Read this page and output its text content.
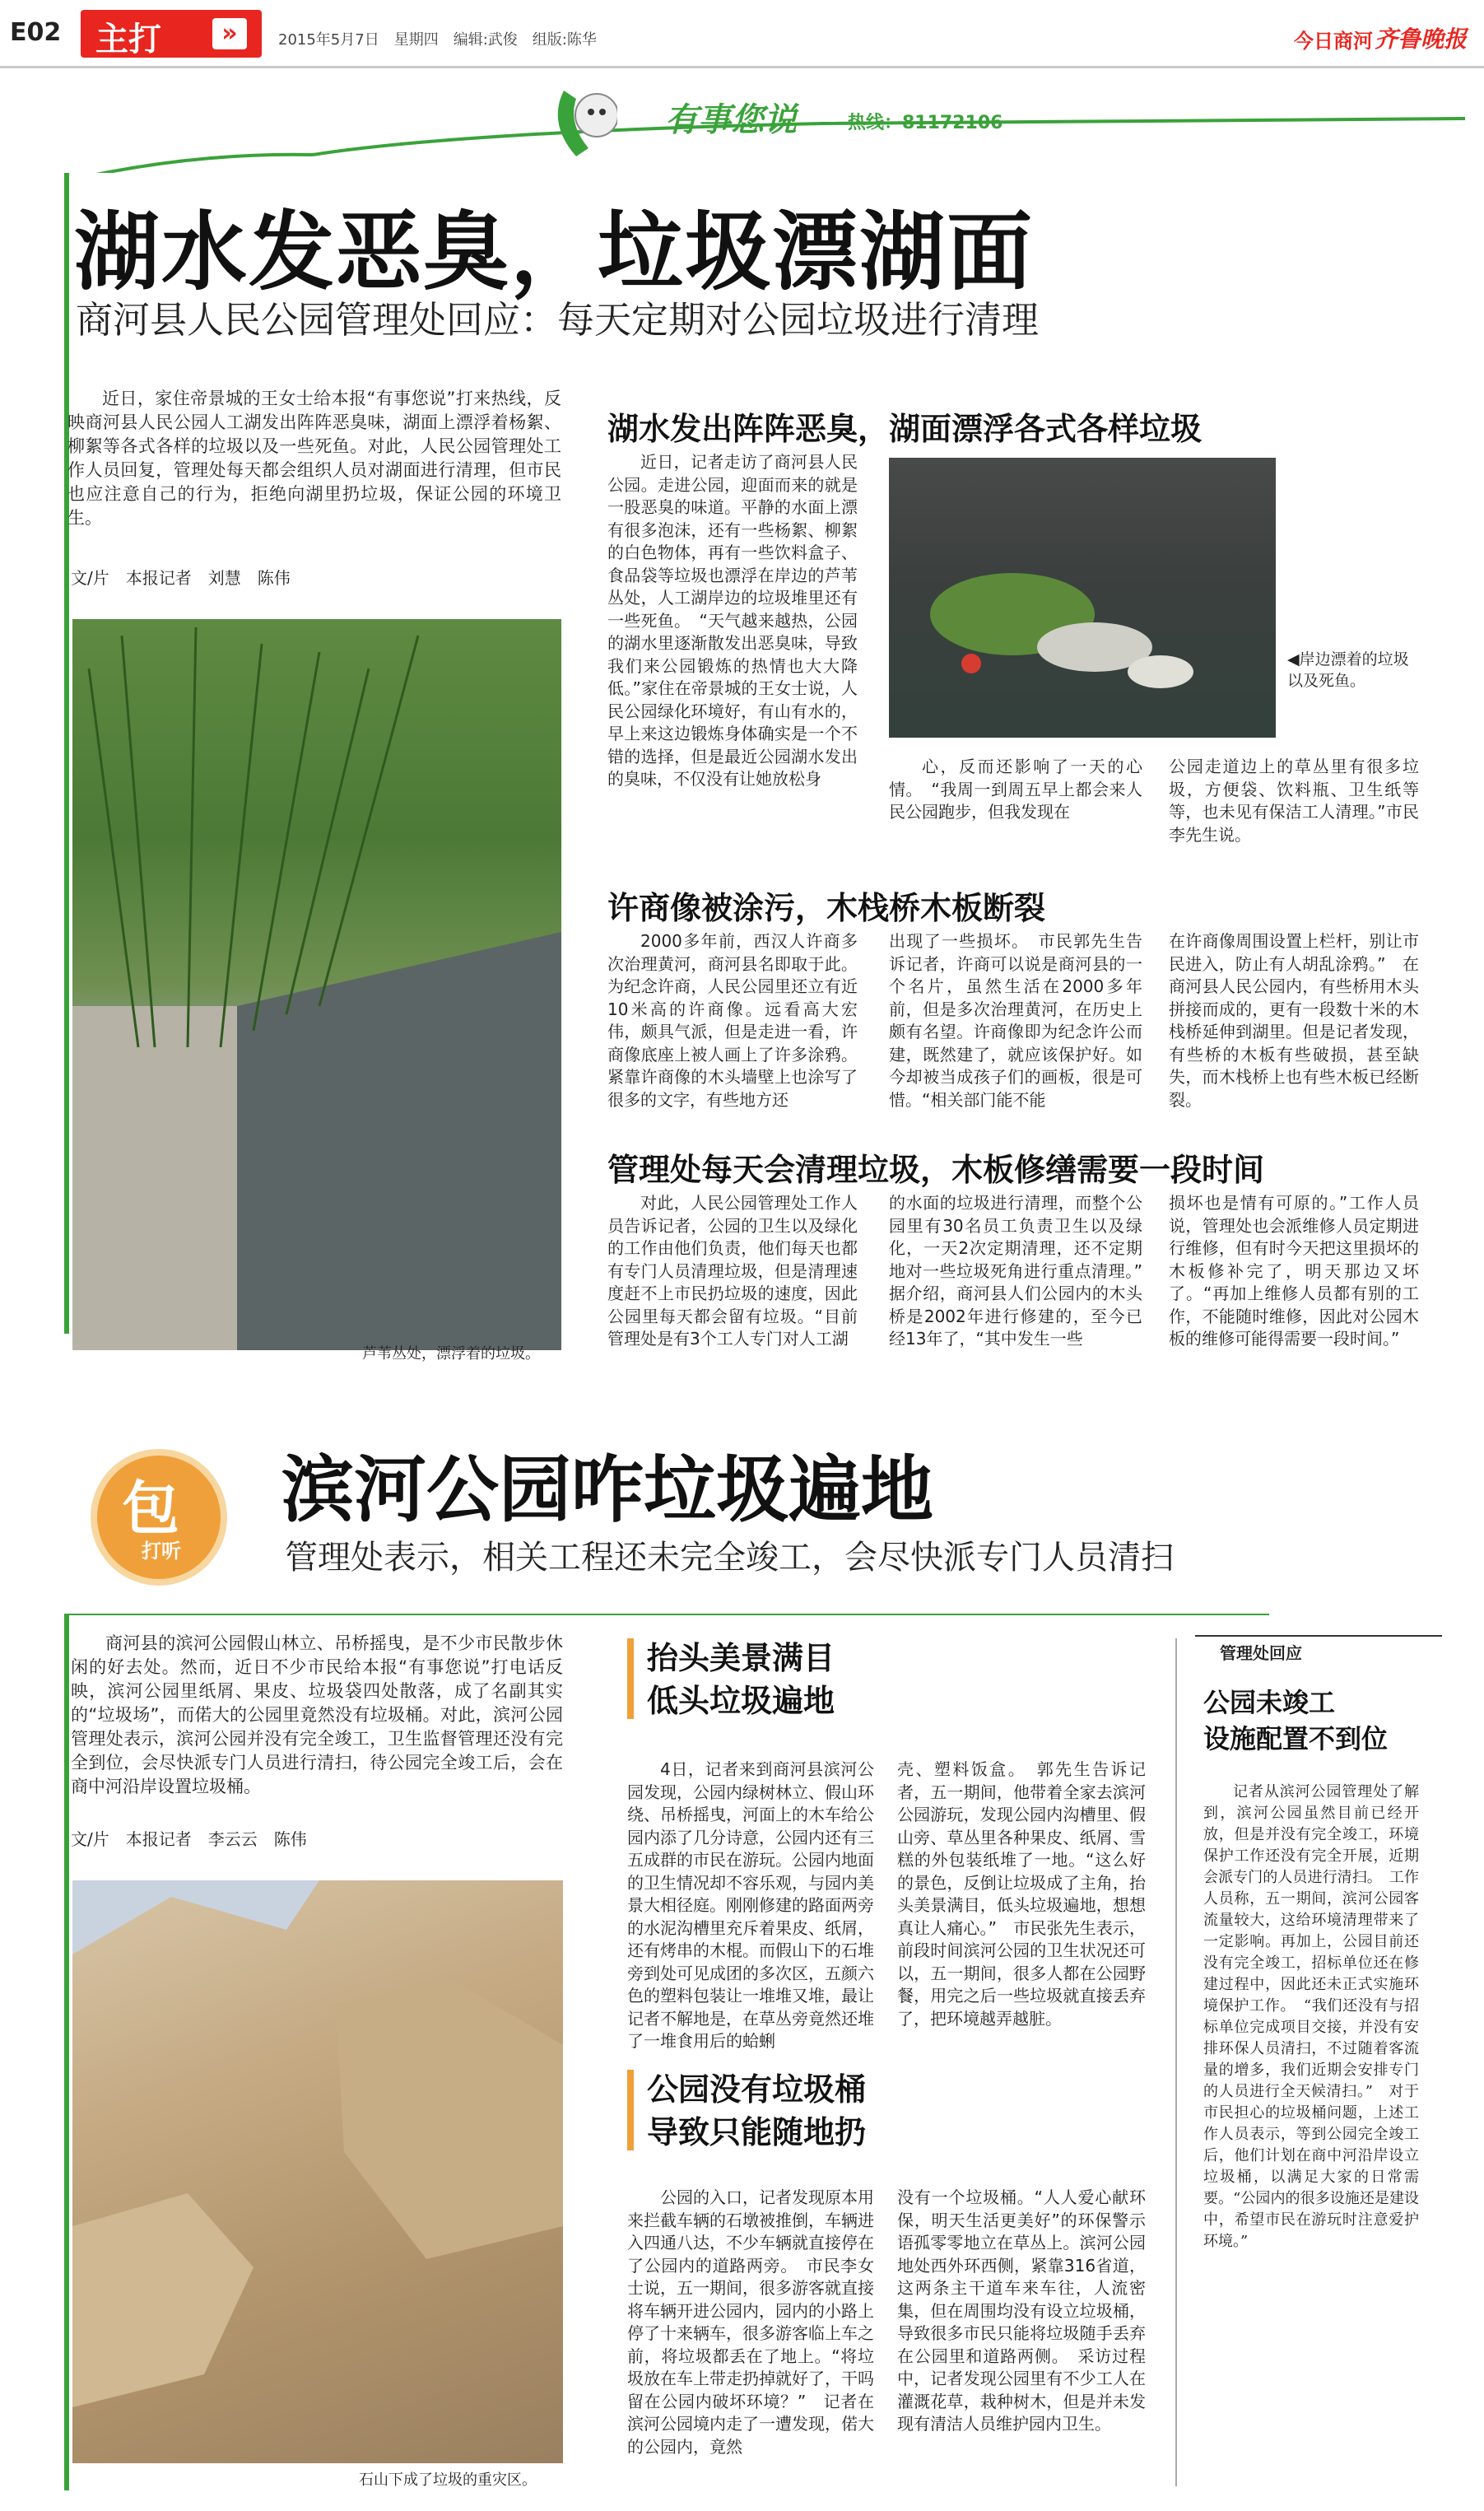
E02 主打	»	2015年5月7日　星期四　编辑:武俊　组版:陈华	今日商河 齐鲁晚报
有事您说	热线：81172106
湖水发恶臭，垃圾漂湖面
商河县人民公园管理处回应：每天定期对公园垃圾进行清理

近日，家住帝景城的王女士给本报“有事您说”打来热线，反映商河县人民公园人工湖发出阵阵恶臭味，湖面上漂浮着杨絮、柳絮等各式各样的垃圾以及一些死鱼。对此，人民公园管理处工作人员回复，管理处每天都会组织人员对湖面进行清理，但市民也应注意自己的行为，拒绝向湖里扔垃圾，保证公园的环境卫生。

文/片　本报记者　刘慧　陈伟
芦苇丛处，漂浮着的垃圾。
湖水发出阵阵恶臭，湖面漂浮各式各样垃圾

近日，记者走访了商河县人民公园。走进公园，迎面而来的就是一股恶臭的味道。平静的水面上漂有很多泡沫，还有一些杨絮、柳絮的白色物体，再有一些饮料盒子、食品袋等垃圾也漂浮在岸边的芦苇丛处，人工湖岸边的垃圾堆里还有一些死鱼。　“天气越来越热，公园的湖水里逐渐散发出恶臭味，导致我们来公园锻炼的热情也大大降低。”家住在帝景城的王女士说，人民公园绿化环境好，有山有水的，早上来这边锻炼身体确实是一个不错的选择，但是最近公园湖水发出的臭味，不仅没有让她放松身

◀岸边漂着的垃圾以及死鱼。

心，反而还影响了一天的心情。　“我周一到周五早上都会来人民公园跑步，但我发现在

公园走道边上的草丛里有很多垃圾，方便袋、饮料瓶、卫生纸等等，也未见有保洁工人清理。”市民李先生说。

许商像被涂污，木栈桥木板断裂

2000多年前，西汉人许商多次治理黄河，商河县名即取于此。为纪念许商，人民公园里还立有近10米高的许商像。远看高大宏伟，颇具气派，但是走进一看，许商像底座上被人画上了许多涂鸦。紧靠许商像的木头墙壁上也涂写了很多的文字，有些地方还

出现了一些损坏。　市民郭先生告诉记者，许商可以说是商河县的一个名片，虽然生活在2000多年前，但是多次治理黄河，在历史上颇有名望。许商像即为纪念许公而建，既然建了，就应该保护好。如今却被当成孩子们的画板，很是可惜。“相关部门能不能

在许商像周围设置上栏杆，别让市民进入，防止有人胡乱涂鸦。”　在商河县人民公园内，有些桥用木头拼接而成的，更有一段数十米的木栈桥延伸到湖里。但是记者发现，有些桥的木板有些破损，甚至缺失，而木栈桥上也有些木板已经断裂。

管理处每天会清理垃圾，木板修缮需要一段时间

对此，人民公园管理处工作人员告诉记者，公园的卫生以及绿化的工作由他们负责，他们每天也都有专门人员清理垃圾，但是清理速度赶不上市民扔垃圾的速度，因此公园里每天都会留有垃圾。“目前管理处是有3个工人专门对人工湖

的水面的垃圾进行清理，而整个公园里有30名员工负责卫生以及绿化，一天2次定期清理，还不定期地对一些垃圾死角进行重点清理。”　据介绍，商河县人们公园内的木头桥是2002年进行修建的，至今已经13年了，“其中发生一些

损坏也是情有可原的。”工作人员说，管理处也会派维修人员定期进行维修，但有时今天把这里损坏的木板修补完了，明天那边又坏了。“再加上维修人员都有别的工作，不能随时维修，因此对公园木板的维修可能得需要一段时间。”

包
打听
滨河公园咋垃圾遍地
管理处表示，相关工程还未完全竣工，会尽快派专门人员清扫

商河县的滨河公园假山林立、吊桥摇曳，是不少市民散步休闲的好去处。然而，近日不少市民给本报“有事您说”打电话反映，滨河公园里纸屑、果皮、垃圾袋四处散落，成了名副其实的“垃圾场”，而偌大的公园里竟然没有垃圾桶。对此，滨河公园管理处表示，滨河公园并没有完全竣工，卫生监督管理还没有完全到位，会尽快派专门人员进行清扫，待公园完全竣工后，会在商中河沿岸设置垃圾桶。

文/片　本报记者　李云云　陈伟
石山下成了垃圾的重灾区。
抬头美景满目
低头垃圾遍地

4日，记者来到商河县滨河公园发现，公园内绿树林立、假山环绕、吊桥摇曳，河面上的木车给公园内添了几分诗意，公园内还有三五成群的市民在游玩。公园内地面的卫生情况却不容乐观，与园内美景大相径庭。刚刚修建的路面两旁的水泥沟槽里充斥着果皮、纸屑，还有烤串的木棍。而假山下的石堆旁到处可见成团的多次区，五颜六色的塑料包装让一堆堆又堆，最让记者不解地是，在草丛旁竟然还堆了一堆食用后的蛤蜊

壳、塑料饭盒。　郭先生告诉记者，五一期间，他带着全家去滨河公园游玩，发现公园内沟槽里、假山旁、草丛里各种果皮、纸屑、雪糕的外包装纸堆了一地。“这么好的景色，反倒让垃圾成了主角，抬头美景满目，低头垃圾遍地，想想真让人痛心。”　市民张先生表示，前段时间滨河公园的卫生状况还可以，五一期间，很多人都在公园野餐，用完之后一些垃圾就直接丢弃了，把环境越弄越脏。

公园没有垃圾桶
导致只能随地扔

公园的入口，记者发现原本用来拦截车辆的石墩被推倒，车辆进入四通八达，不少车辆就直接停在了公园内的道路两旁。　市民李女士说，五一期间，很多游客就直接将车辆开进公园内，园内的小路上停了十来辆车，很多游客临上车之前，将垃圾都丢在了地上。“将垃圾放在车上带走扔掉就好了，干吗留在公园内破坏环境？”　记者在滨河公园境内走了一遭发现，偌大的公园内，竟然

没有一个垃圾桶。“人人爱心献环保，明天生活更美好”的环保警示语孤零零地立在草丛上。滨河公园地处西外环西侧，紧靠316省道，这两条主干道车来车往，人流密集，但在周围均没有设立垃圾桶，导致很多市民只能将垃圾随手丢弃在公园里和道路两侧。　采访过程中，记者发现公园里有不少工人在灌溉花草，栽种树木，但是并未发现有清洁人员维护园内卫生。

管理处回应
公园未竣工
设施配置不到位

记者从滨河公园管理处了解到，滨河公园虽然目前已经开放，但是并没有完全竣工，环境保护工作还没有完全开展，近期会派专门的人员进行清扫。　工作人员称，五一期间，滨河公园客流量较大，这给环境清理带来了一定影响。再加上，公园目前还没有完全竣工，招标单位还在修建过程中，因此还未正式实施环境保护工作。　“我们还没有与招标单位完成项目交接，并没有安排环保人员清扫，不过随着客流量的增多，我们近期会安排专门的人员进行全天候清扫。”　对于市民担心的垃圾桶问题，上述工作人员表示，等到公园完全竣工后，他们计划在商中河沿岸设立垃圾桶，以满足大家的日常需要。“公园内的很多设施还是建设中，希望市民在游玩时注意爱护环境。”
